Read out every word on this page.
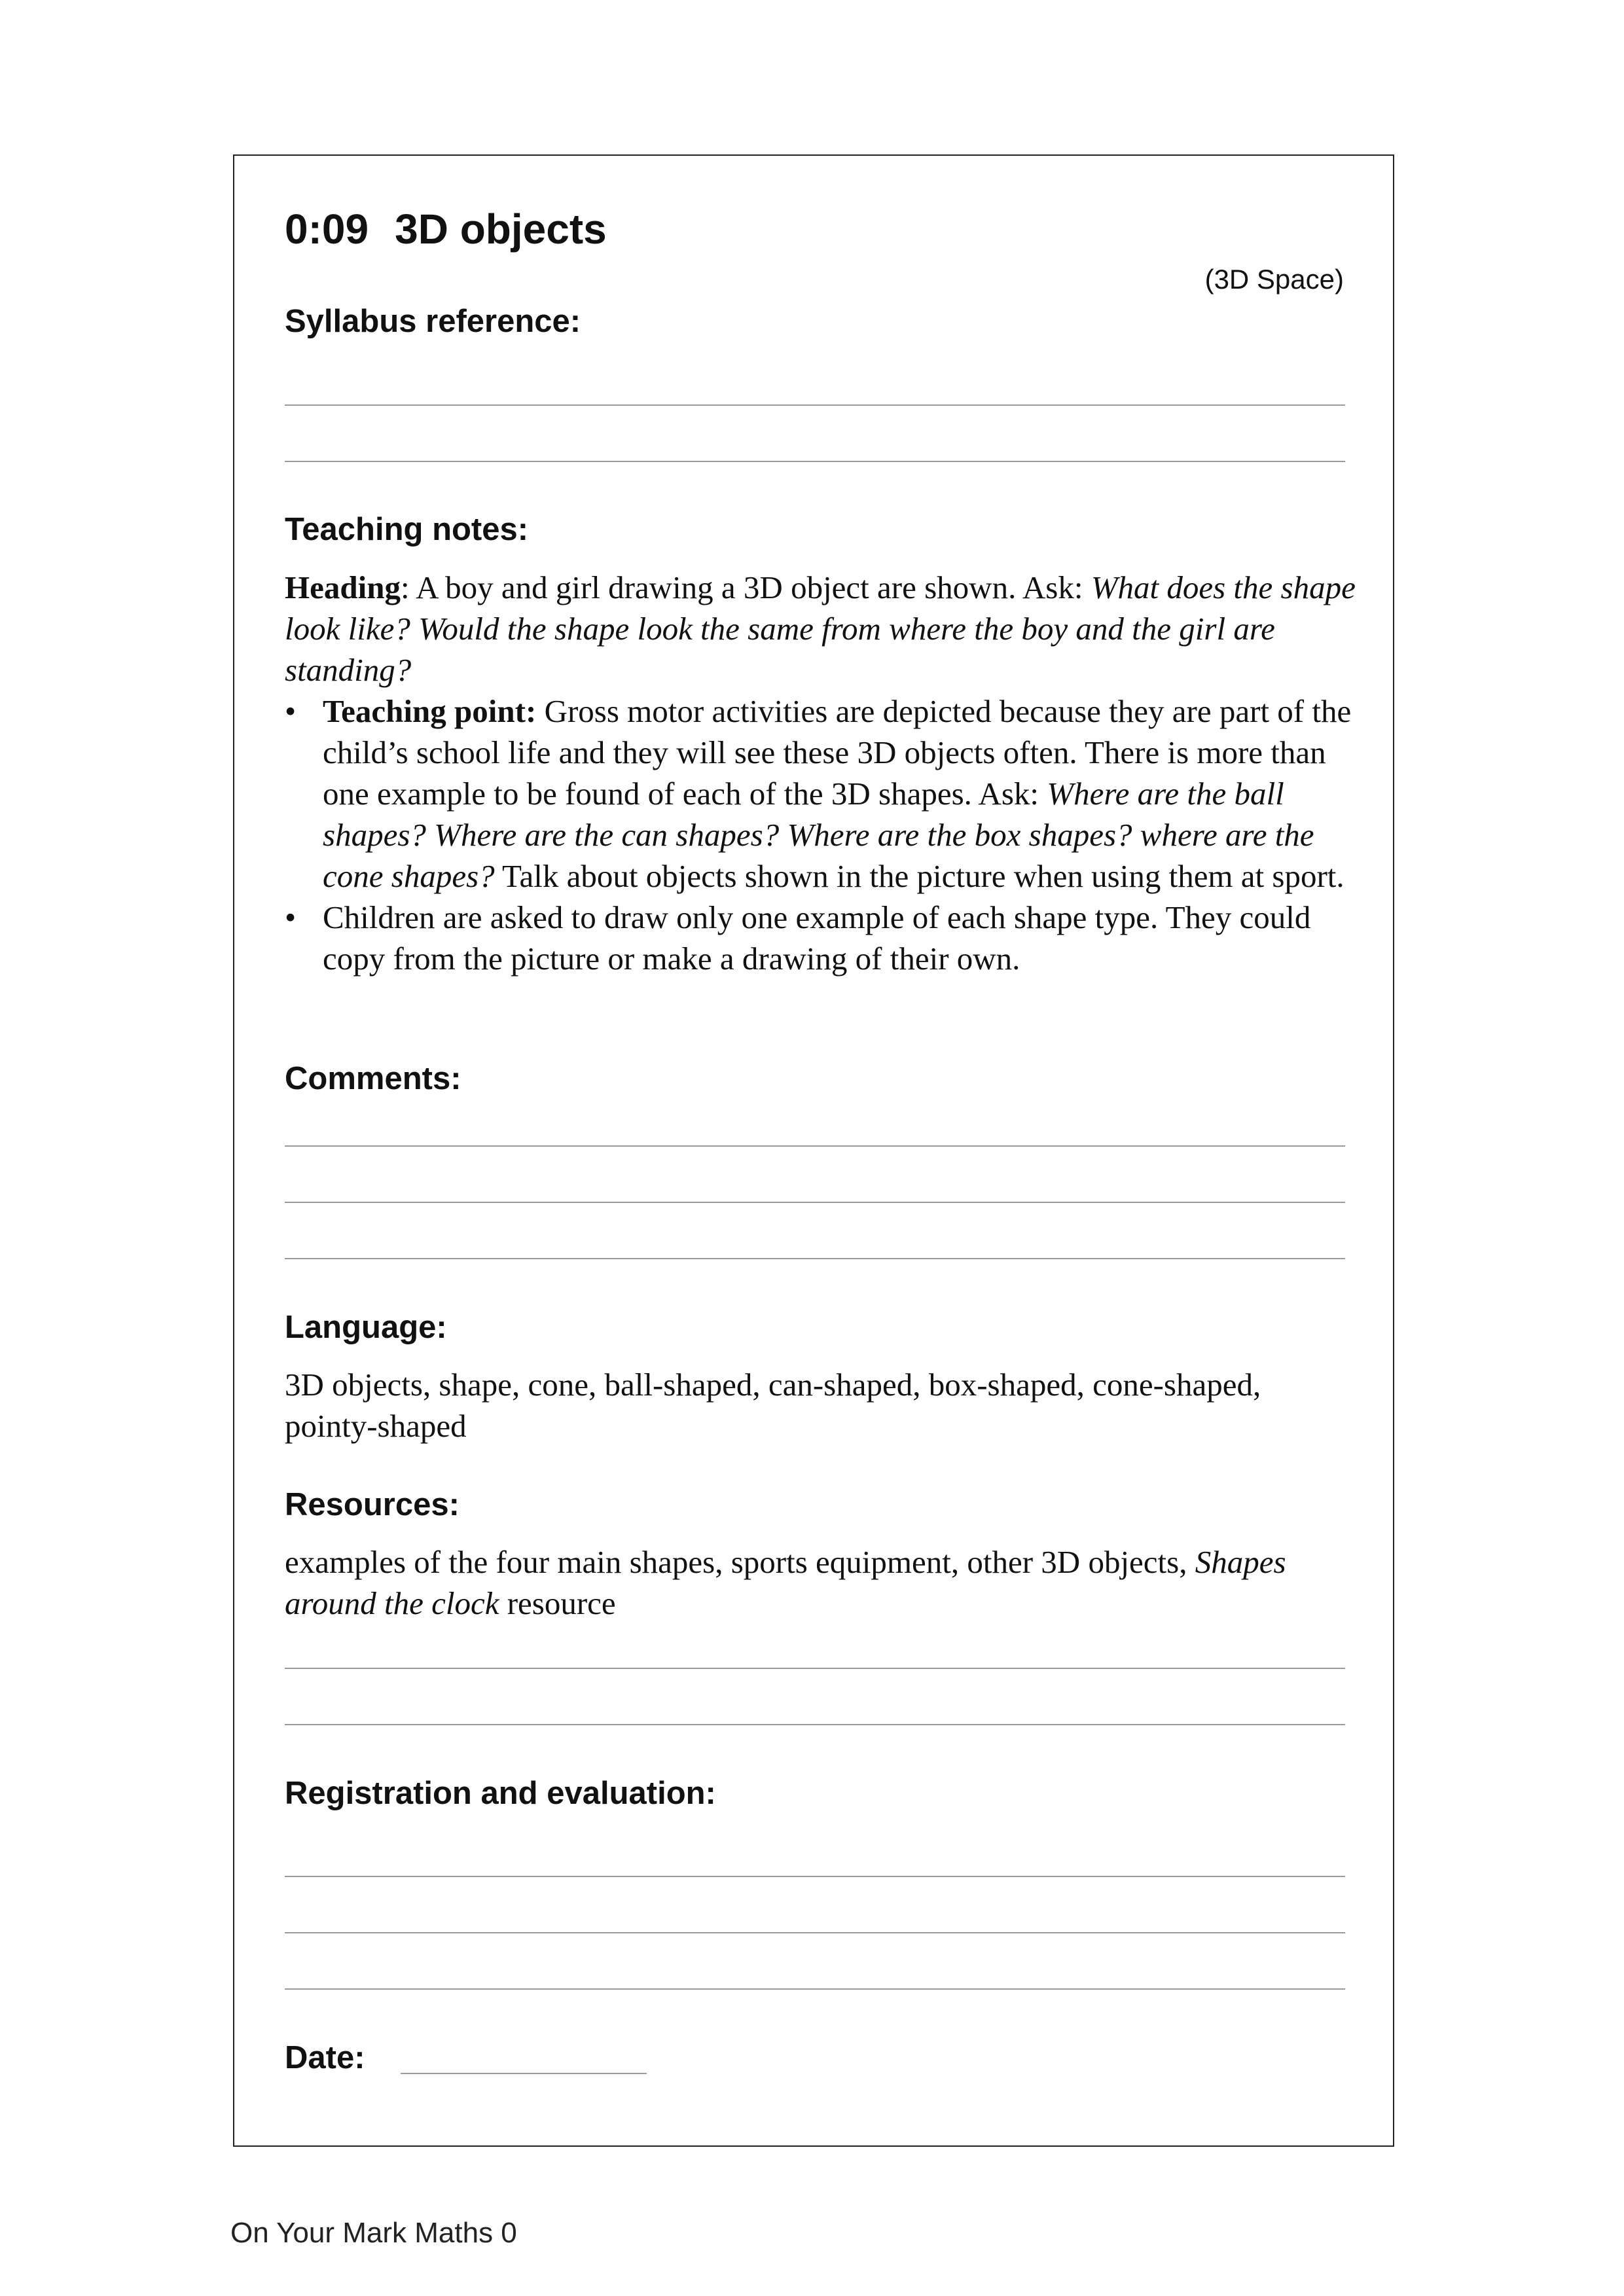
0:09 3D objects
(3D Space)
Syllabus reference:
Teaching notes:

Heading: A boy and girl drawing a 3D object are shown. Ask: What does the shape look like? Would the shape look the same from where the boy and the girl are standing?

• Teaching point: Gross motor activities are depicted because they are part of the child’s school life and they will see these 3D objects often. There is more than one example to be found of each of the 3D shapes. Ask: Where are the ball shapes? Where are the can shapes? Where are the box shapes? where are the cone shapes? Talk about objects shown in the picture when using them at sport.
• Children are asked to draw only one example of each shape type. They could copy from the picture or make a drawing of their own.
Comments:
Language:
3D objects, shape, cone, ball-shaped, can-shaped, box-shaped, cone-shaped, pointy-shaped
Resources:
examples of the four main shapes, sports equipment, other 3D objects, Shapes around the clock resource
Registration and evaluation:
Date:
On Your Mark Maths 0
